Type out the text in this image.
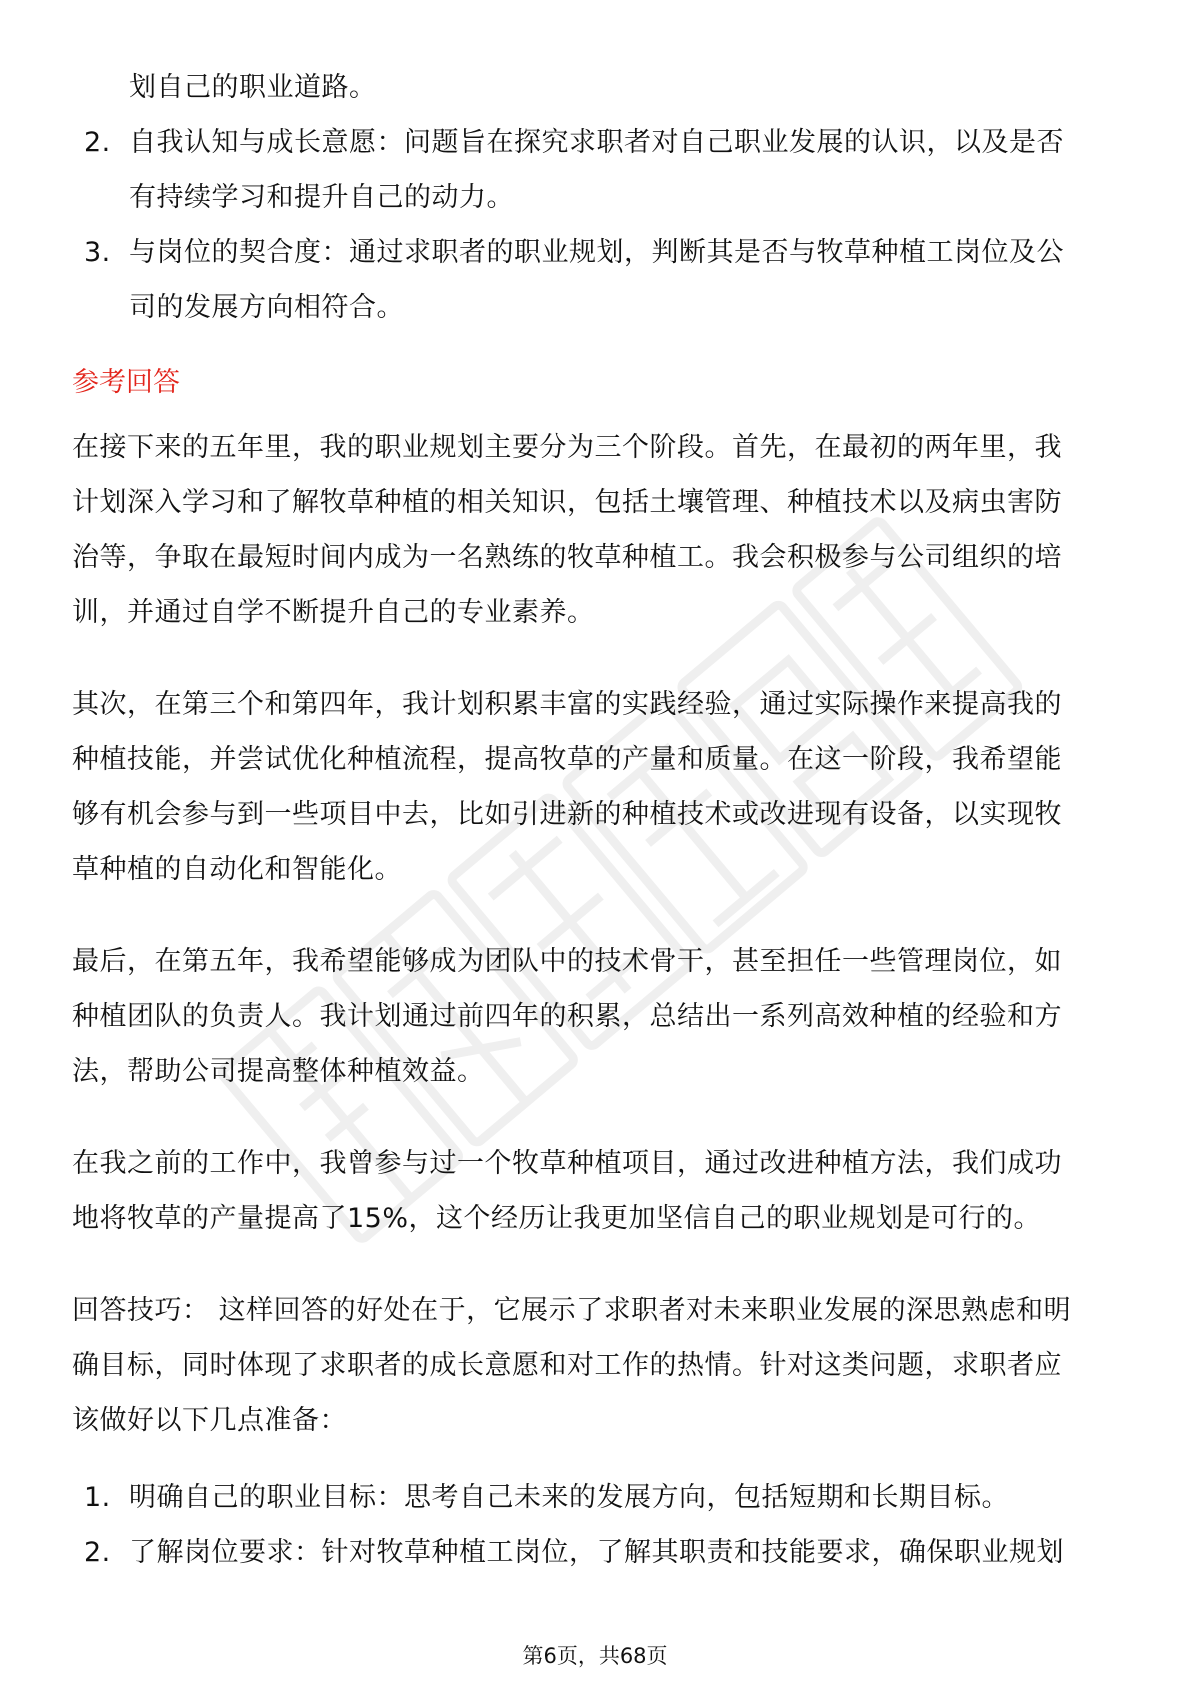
划自己的职业道路。
2. 自我认知与成长意愿：问题旨在探究求职者对自己职业发展的认识，以及是否
有持续学习和提升自己的动力。
3. 与岗位的契合度：通过求职者的职业规划，判断其是否与牧草种植工岗位及公
司的发展方向相符合。
参考回答
在接下来的五年里，我的职业规划主要分为三个阶段。首先，在最初的两年里，我
计划深入学习和了解牧草种植的相关知识，包括土壤管理、种植技术以及病虫害防
治等，争取在最短时间内成为一名熟练的牧草种植工。我会积极参与公司组织的培
训，并通过自学不断提升自己的专业素养。
其次，在第三个和第四年，我计划积累丰富的实践经验，通过实际操作来提高我的
种植技能，并尝试优化种植流程，提高牧草的产量和质量。在这一阶段，我希望能
够有机会参与到一些项目中去，比如引进新的种植技术或改进现有设备，以实现牧
草种植的自动化和智能化。
最后，在第五年，我希望能够成为团队中的技术骨干，甚至担任一些管理岗位，如
种植团队的负责人。我计划通过前四年的积累，总结出一系列高效种植的经验和方
法，帮助公司提高整体种植效益。
在我之前的工作中，我曾参与过一个牧草种植项目，通过改进种植方法，我们成功
地将牧草的产量提高了15%，这个经历让我更加坚信自己的职业规划是可行的。
回答技巧： 这样回答的好处在于，它展示了求职者对未来职业发展的深思熟虑和明
确目标，同时体现了求职者的成长意愿和对工作的热情。针对这类问题，求职者应
该做好以下几点准备：
1. 明确自己的职业目标：思考自己未来的发展方向，包括短期和长期目标。
2. 了解岗位要求：针对牧草种植工岗位，了解其职责和技能要求，确保职业规划
第6页，共68页
